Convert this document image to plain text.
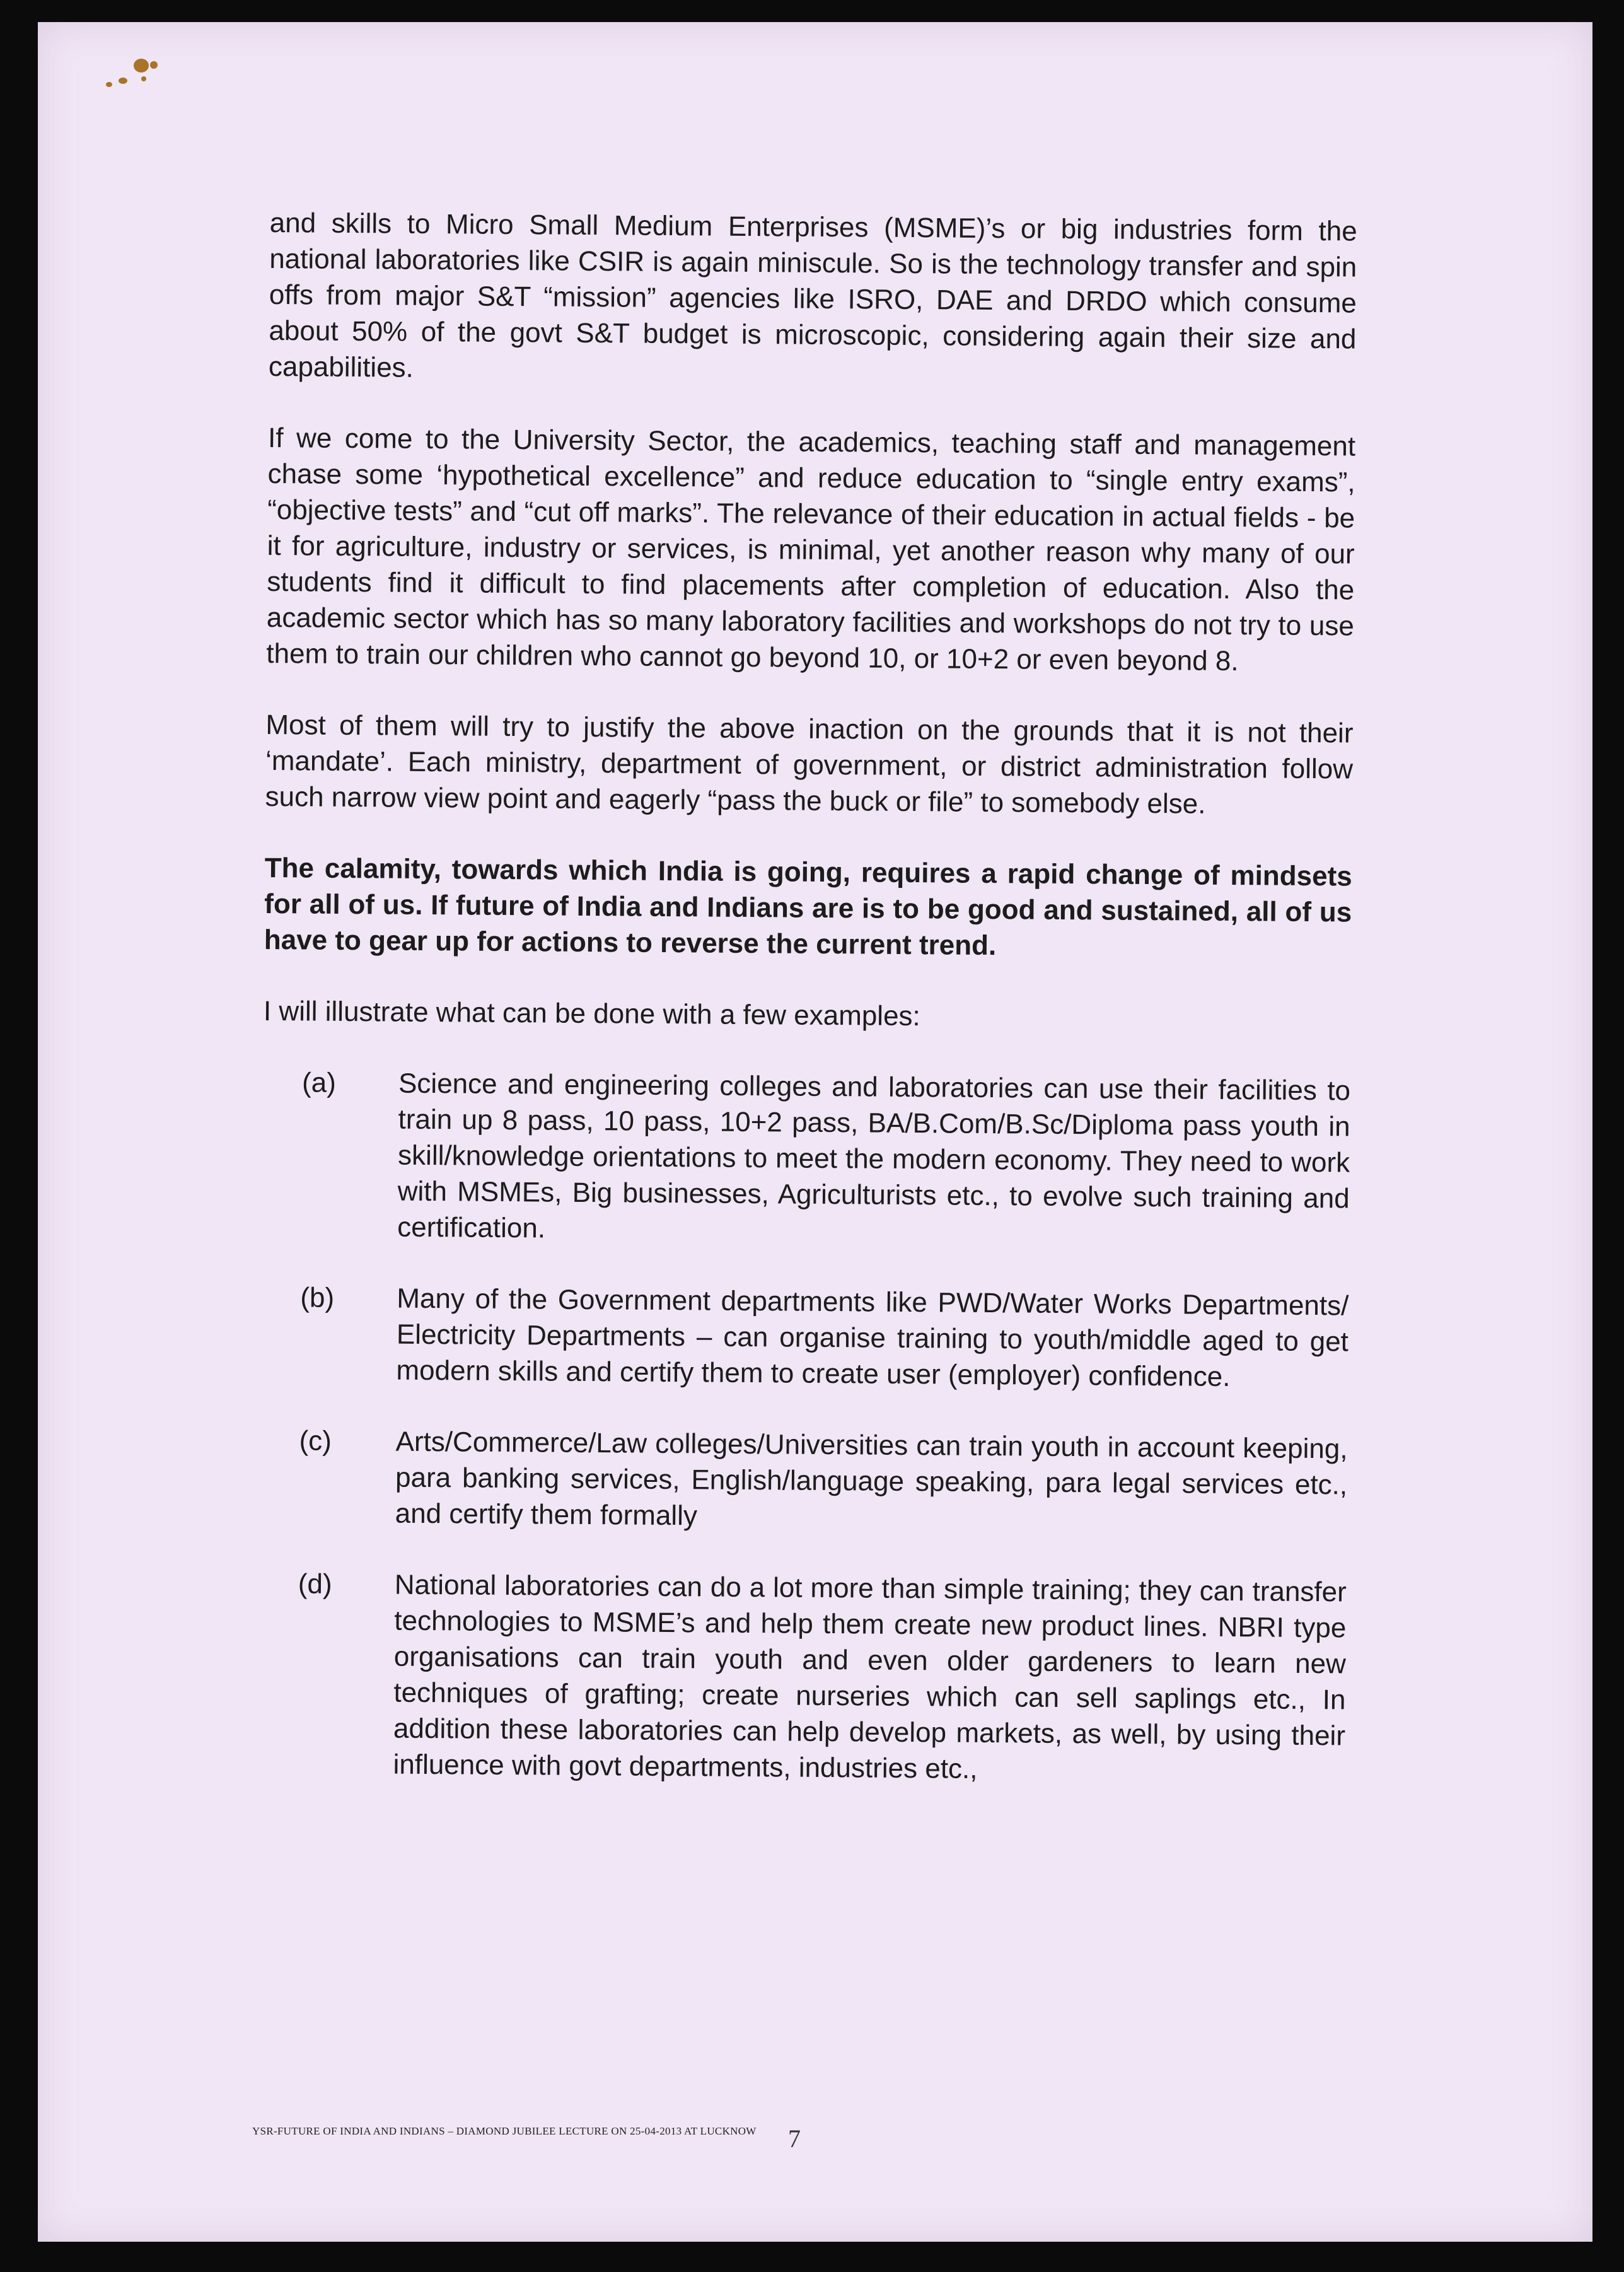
and skills to Micro Small Medium Enterprises (MSME)’s or big industries form the national laboratories like CSIR is again miniscule. So is the technology transfer and spin offs from major S&T “mission” agencies like ISRO, DAE and DRDO which consume about 50% of the govt S&T budget is microscopic, considering again their size and capabilities.

If we come to the University Sector, the academics, teaching staff and management chase some ‘hypothetical excellence” and reduce education to “single entry exams”, “objective tests” and “cut off marks”. The relevance of their education in actual fields - be it for agriculture, industry or services, is minimal, yet another reason why many of our students find it difficult to find placements after completion of education. Also the academic sector which has so many laboratory facilities and workshops do not try to use them to train our children who cannot go beyond 10, or 10+2 or even beyond 8.

Most of them will try to justify the above inaction on the grounds that it is not their ‘mandate’. Each ministry, department of government, or district administration follow such narrow view point and eagerly “pass the buck or file” to somebody else.

The calamity, towards which India is going, requires a rapid change of mindsets for all of us. If future of India and Indians are is to be good and sustained, all of us have to gear up for actions to reverse the current trend.

I will illustrate what can be done with a few examples:

(a)	Science and engineering colleges and laboratories can use their facilities to train up 8 pass, 10 pass, 10+2 pass, BA/B.Com/B.Sc/Diploma pass youth in skill/knowledge orientations to meet the modern economy. They need to work with MSMEs, Big businesses, Agriculturists etc., to evolve such training and certification.
(b)	Many of the Government departments like PWD/Water Works Departments/ Electricity Departments – can organise training to youth/middle aged to get modern skills and certify them to create user (employer) confidence.
(c)	Arts/Commerce/Law colleges/Universities can train youth in account keeping, para banking services, English/language speaking, para legal services etc., and certify them formally
(d)	National laboratories can do a lot more than simple training; they can transfer technologies to MSME’s and help them create new product lines. NBRI type organisations can train youth and even older gardeners to learn new techniques of grafting; create nurseries which can sell saplings etc., In addition these laboratories can help develop markets, as well, by using their influence with govt departments, industries etc.,
YSR-FUTURE OF INDIA AND INDIANS – DIAMOND JUBILEE LECTURE ON 25-04-2013 AT LUCKNOW 7
